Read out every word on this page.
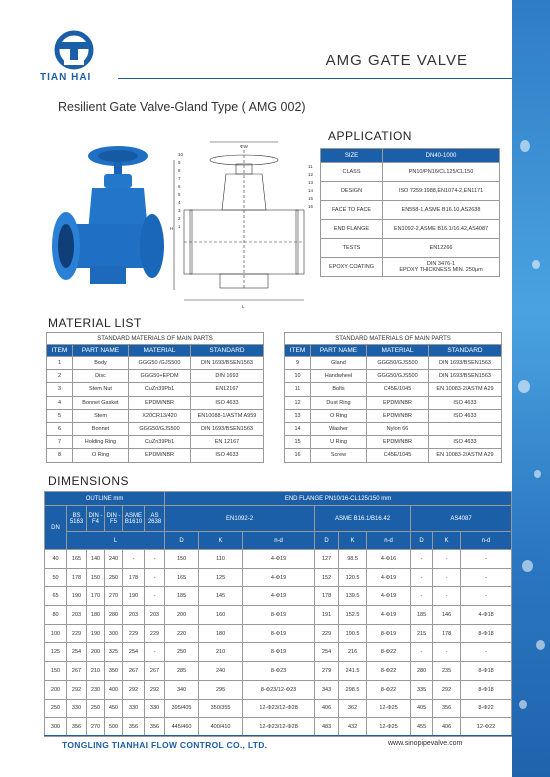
TIAN HAI
AMG GATE VALVE
Resilient Gate Valve-Gland Type ( AMG 002)
ΦW
H
L
10
9
8
7
6
5
4
3
2
1
11
12
13
14
15
16
APPLICATION
SIZE	DN40-1000
CLASS	PN10/PN16/CL125/CL150
DESIGN	ISO 7259:1988,EN1074-2,EN1171
FACE TO FACE	EN558-1,ASME B16.10,AS2638
END FLANGE	EN1092-2,ASME B16.1/16.42,AS4087
TESTS	EN12266
EPOXY COATING	DIN 3476-1
EPOXY THICKNESS MIN. 250μm
MATERIAL LIST
STANDARD MATERIALS OF MAIN PARTS			
ITEM	PART NAME	MATERIAL	STANDARD
1	Body	GGG50 /GJS500	DIN 1693/BSEN1563
2	Disc	GGG50+EPDM	DIN 1693
3	Stem Nut	CuZn39Pb1	EN12167
4	Bonnet Gasket	EPDM/NBR	ISO 4633
5	Stem	X20CR13/420	EN10088-1/ASTM A959
6	Bonnet	GGG50/GJS500	DIN 1693/BSEN1563
7	Holding Ring	CuZn39Pb1	EN 12167
8	O Ring	EPDM/NBR	ISO 4633
STANDARD MATERIALS OF MAIN PARTS			
ITEM	PART NAME	MATERIAL	STANDARD
9	Gland	GGG50/GJS500	DIN 1693/BSEN1563
10	Handwheel	GGG50/GJS500	DIN 1693/BSEN1563
11	Bolts	C45E/1045	EN 10083-2/ASTM A29
12	Dust Ring	EPDM/NBR	ISO 4633
13	O Ring	EPDM/NBR	ISO 4633
14	Washer	Nylon 66	
15	U Ring	EPDM/NBR	ISO 4633
16	Screw	C45E/1045	EN 10083-2/ASTM A29
DIMENSIONS
OUTLINE mm						END FLANGE PN10/16-CL125/150 mm								
DN	BS 5163	DIN -F4	DIN -F5	ASME B1610	AS 2638	EN1092-2			ASME B16.1/B16.42			AS4087		
	L					D	K	n-d	D	K	n-d	D	K	n-d
40	165	140	240	-	-	150	110	4-Φ19	127	98.5	4-Φ16	-	-	-
50	178	150	250	178	-	165	125	4-Φ19	152	120.5	4-Φ19	-	-	-
65	190	170	270	190	-	185	145	4-Φ19	178	139.5	4-Φ19	-	-	-
80	203	180	280	203	203	200	160	8-Φ19	191	152.5	4-Φ19	185	146	4-Φ18
100	229	190	300	229	229	220	180	8-Φ19	229	190.5	8-Φ19	215	178	8-Φ18
125	254	200	325	254	-	250	210	8-Φ19	254	216	8-Φ22	-	-	-
150	267	210	350	267	267	285	240	8-Φ23	279	241.5	8-Φ22	280	235	8-Φ18
200	292	230	400	292	292	340	295	8-Φ23/12-Φ23	343	298.5	8-Φ22	335	292	8-Φ18
250	330	250	450	330	330	395/405	350/355	12-Φ23/12-Φ28	406	362	12-Φ25	405	356	8-Φ22
300	356	270	500	356	356	445/460	400/410	12-Φ23/12-Φ28	483	432	12-Φ25	455	406	12-Φ22
TONGLING TIANHAI FLOW CONTROL CO., LTD.	www.sinopipevalve.com
